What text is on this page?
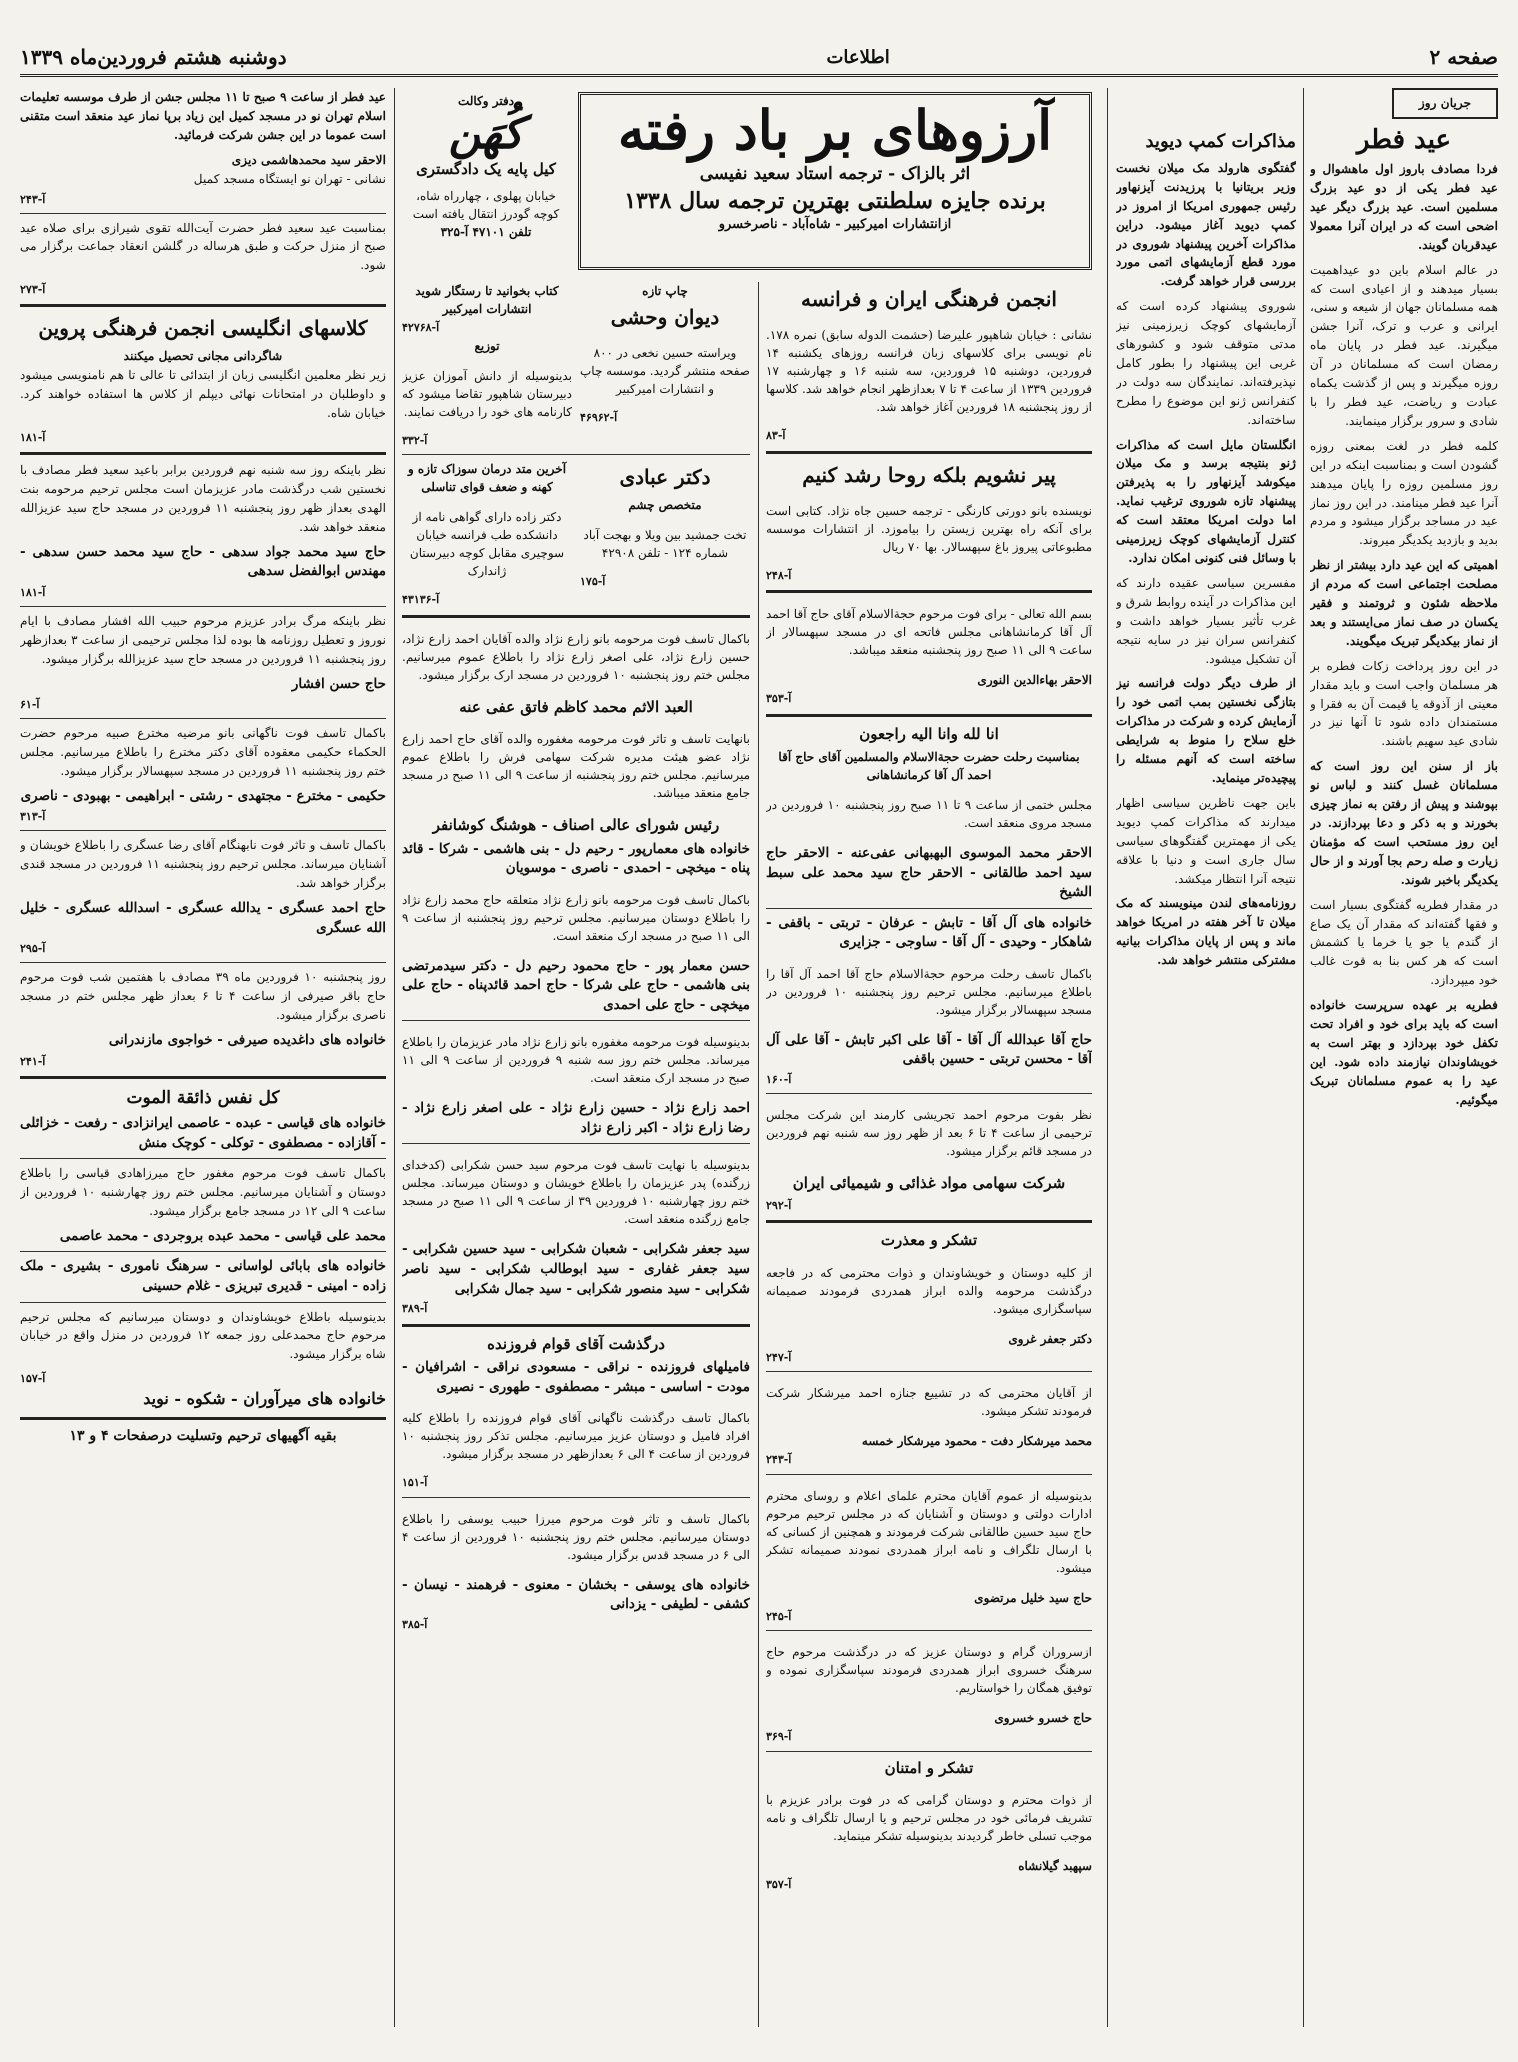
صفحه ۲
اطلاعات
دوشنبه هشتم فروردین‌ماه ۱۳۳۹
جریان روز
عید فطر

فردا مصادف باروز اول ماهشوال و عید فطر یکی از دو عید بزرگ مسلمین است. عید بزرگ دیگر عید اضحی است که در ایران آنرا معمولا عیدقربان گویند.

در عالم اسلام باین دو عیداهمیت بسیار میدهند و از اعیادی است که همه مسلمانان جهان از شیعه و سنی، ایرانی و عرب و ترک، آنرا جشن میگیرند. عید فطر در پایان ماه رمضان است که مسلمانان در آن روزه میگیرند و پس از گذشت یکماه عبادت و ریاضت، عید فطر را با شادی و سرور برگزار مینمایند.

کلمه فطر در لغت بمعنی روزه گشودن است و بمناسبت اینکه در این روز مسلمین روزه را پایان میدهند آنرا عید فطر مینامند. در این روز نماز عید در مساجد برگزار میشود و مردم بدید و بازدید یکدیگر میروند.

اهمیتی که این عید دارد بیشتر از نظر مصلحت اجتماعی است که مردم از ملاحظه شئون و ثروتمند و فقیر یکسان در صف نماز می‌ایستند و بعد از نماز بیکدیگر تبریک میگویند.

در این روز پرداخت زکات فطره بر هر مسلمان واجب است و باید مقدار معینی از آذوقه یا قیمت آن به فقرا و مستمندان داده شود تا آنها نیز در شادی عید سهیم باشند.

باز از سنن این روز است که مسلمانان غسل کنند و لباس نو بپوشند و پیش از رفتن به نماز چیزی بخورند و به ذکر و دعا بپردازند. در این روز مستحب است که مؤمنان زیارت و صله رحم بجا آورند و از حال یکدیگر باخبر شوند.

در مقدار فطریه گفتگوی بسیار است و فقها گفته‌اند که مقدار آن یک صاع از گندم یا جو یا خرما یا کشمش است که هر کس بنا به قوت غالب خود میپردازد.

فطریه بر عهده سرپرست خانواده است که باید برای خود و افراد تحت تکفل خود بپردازد و بهتر است به خویشاوندان نیازمند داده شود. این عید را به عموم مسلمانان تبریک میگوئیم.

مذاکرات کمپ دیوید

گفتگوی هارولد مک میلان نخست وزیر بریتانیا با پرزیدنت آیزنهاور رئیس جمهوری امریکا از امروز در کمپ دیوید آغاز میشود. دراین مذاکرات آخرین پیشنهاد شوروی در مورد قطع آزمایشهای اتمی مورد بررسی قرار خواهد گرفت.

شوروی پیشنهاد کرده است که آزمایشهای کوچک زیرزمینی نیز مدتی متوقف شود و کشورهای غربی این پیشنهاد را بطور کامل نپذیرفته‌اند. نمایندگان سه دولت در کنفرانس ژنو این موضوع را مطرح ساخته‌اند.

انگلستان مایل است که مذاکرات ژنو بنتیجه برسد و مک میلان میکوشد آیزنهاور را به پذیرفتن پیشنهاد تازه شوروی ترغیب نماید. اما دولت امریکا معتقد است که کنترل آزمایشهای کوچک زیرزمینی با وسائل فنی کنونی امکان ندارد.

مفسرین سیاسی عقیده دارند که این مذاکرات در آینده روابط شرق و غرب تأثیر بسیار خواهد داشت و کنفرانس سران نیز در سایه نتیجه آن تشکیل میشود.

از طرف دیگر دولت فرانسه نیز بتازگی نخستین بمب اتمی خود را آزمایش کرده و شرکت در مذاکرات خلع سلاح را منوط به شرایطی ساخته است که آنهم مسئله را پیچیده‌تر مینماید.

باین جهت ناظرین سیاسی اظهار میدارند که مذاکرات کمپ دیوید یکی از مهمترین گفتگوهای سیاسی سال جاری است و دنیا با علاقه نتیجه آنرا انتظار میکشد.

روزنامه‌های لندن مینویسند که مک میلان تا آخر هفته در امریکا خواهد ماند و پس از پایان مذاکرات بیانیه مشترکی منتشر خواهد شد.

آرزوهای بر باد رفته
اثر بالزاک - ترجمه استاد سعید نفیسی
برنده جایزه سلطنتی بهترین ترجمه سال ۱۳۳۸
ازانتشارات امیرکبیر - شاه‌آباد - ناصرخسرو
دفتر وکالت
کُهَن
کیل پایه یک دادگستری
خیابان پهلوی ، چهارراه شاه، کوچه گودرز انتقال یافته است
تلفن ۴۷۱۰۱ آ-۳۲۵
انجمن فرهنگی ایران و فرانسه

نشانی : خیابان شاهپور علیرضا (حشمت الدوله سابق) نمره ۱۷۸. نام نویسی برای کلاسهای زبان فرانسه روزهای یکشنبه ۱۴ فروردین، دوشنبه ۱۵ فروردین، سه شنبه ۱۶ و چهارشنبه ۱۷ فروردین ۱۳۳۹ از ساعت ۴ تا ۷ بعدازظهر انجام خواهد شد. کلاسها از روز پنجشنبه ۱۸ فروردین آغاز خواهد شد.

آ-۸۳
پیر نشویم بلکه روحا رشد کنیم

نویسنده بانو دورتی کارنگی - ترجمه حسین جاه نژاد. کتابی است برای آنکه راه بهترین زیستن را بیاموزد. از انتشارات موسسه مطبوعاتی پیروز باغ سپهسالار. بها ۷۰ ریال

آ-۲۴۸

بسم الله تعالی - برای فوت مرحوم حجةالاسلام آقای حاج آقا احمد آل آقا کرمانشاهانی مجلس فاتحه ای در مسجد سپهسالار از ساعت ۹ الی ۱۱ صبح روز پنجشنبه منعقد میباشد.

الاحقر بهاءالدین النوری
آ-۳۵۳
انا لله وانا الیه راجعون
بمناسبت رحلت حضرت حجةالاسلام والمسلمین آقای حاج آقا احمد آل آقا کرمانشاهانی

مجلس ختمی از ساعت ۹ تا ۱۱ صبح روز پنجشنبه ۱۰ فروردین در مسجد مروی منعقد است.

الاحقر محمد الموسوی البهبهانی عفی‌عنه - الاحقر حاج سید احمد طالقانی - الاحقر حاج سید محمد علی سبط الشیخ
خانواده های آل آقا - تابش - عرفان - تربتی - باقفی - شاهکار - وحیدی - آل آقا - ساوجی - جزایری

باکمال تاسف رحلت مرحوم حجةالاسلام حاج آقا احمد آل آقا را باطلاع میرسانیم. مجلس ترحیم روز پنجشنبه ۱۰ فروردین در مسجد سپهسالار برگزار میشود.

حاج آقا عبدالله آل آقا - آقا علی اکبر تابش - آقا علی آل آقا - محسن تربتی - حسین باقفی
آ-۱۶۰

نظر بفوت مرحوم احمد تجریشی کارمند این شرکت مجلس ترحیمی از ساعت ۴ تا ۶ بعد از ظهر روز سه شنبه نهم فروردین در مسجد قائم برگزار میشود.

شرکت سهامی مواد غذائی و شیمیائی ایران
آ-۲۹۲
تشکر و معذرت

از کلیه دوستان و خویشاوندان و ذوات محترمی که در فاجعه درگذشت مرحومه والده ابراز همدردی فرمودند صمیمانه سپاسگزاری میشود.

دکتر جعفر غروی
آ-۲۴۷

از آقایان محترمی که در تشییع جنازه احمد میرشکار شرکت فرمودند تشکر میشود.

محمد میرشکار دفت - محمود میرشکار خمسه
آ-۲۴۳

بدینوسیله از عموم آقایان محترم علمای اعلام و روسای محترم ادارات دولتی و دوستان و آشنایان که در مجلس ترحیم مرحوم حاج سید حسین طالقانی شرکت فرمودند و همچنین از کسانی که با ارسال تلگراف و نامه ابراز همدردی نمودند صمیمانه تشکر میشود.

حاج سید خلیل مرتضوی
آ-۲۴۵

ازسروران گرام و دوستان عزیز که در درگذشت مرحوم حاج سرهنگ خسروی ابراز همدردی فرمودند سپاسگزاری نموده و توفیق همگان را خواستاریم.

حاج خسرو خسروی
آ-۳۶۹
تشکر و امتنان

از ذوات محترم و دوستان گرامی که در فوت برادر عزیزم با تشریف فرمائی خود در مجلس ترحیم و یا ارسال تلگراف و نامه موجب تسلی خاطر گردیدند بدینوسیله تشکر مینماید.

سپهبد گیلانشاه
آ-۳۵۷
چاپ تازه
دیوان وحشی

ویراسته حسین نخعی در ۸۰۰ صفحه منتشر گردید. موسسه چاپ و انتشارات امیرکبیر

آ-۴۶۹۶۲
کتاب بخوانید تا رستگار شوید
انتشارات امیرکبیر
آ-۴۲۷۶۸
توزیع

بدینوسیله از دانش آموزان عزیز دبیرستان شاهپور تقاضا میشود که کارنامه های خود را دریافت نمایند.

آ-۳۳۲
دکتر عبادی
متخصص چشم

تخت جمشید بین ویلا و بهجت آباد شماره ۱۲۴ - تلفن ۴۲۹۰۸

آ-۱۷۵
آخرین متد درمان سوزاک تازه و کهنه و ضعف قوای تناسلی

دکتر زاده دارای گواهی نامه از دانشکده طب فرانسه خیابان سوچیری مقابل کوچه دبیرستان ژاندارک

آ-۴۳۱۳۶

باکمال تاسف فوت مرحومه بانو زارع نژاد والده آقایان احمد زارع نژاد، حسین زارع نژاد، علی اصغر زارع نژاد را باطلاع عموم میرسانیم. مجلس ختم روز پنجشنبه ۱۰ فروردین در مسجد ارک برگزار میشود.

العبد الاثم محمد کاظم فاتق عفی عنه

بانهایت تاسف و تاثر فوت مرحومه مغفوره والده آقای حاج احمد زارع نژاد عضو هیئت مدیره شرکت سهامی فرش را باطلاع عموم میرسانیم. مجلس ختم روز پنجشنبه از ساعت ۹ الی ۱۱ صبح در مسجد جامع منعقد میباشد.

رئیس شورای عالی اصناف - هوشنگ کوشانفر
خانواده های معمارپور - رحیم دل - بنی هاشمی - شرکا - قائد پناه - میخچی - احمدی - ناصری - موسویان

باکمال تاسف فوت مرحومه بانو زارع نژاد متعلقه حاج محمد زارع نژاد را باطلاع دوستان میرسانیم. مجلس ترحیم روز پنجشنبه از ساعت ۹ الی ۱۱ صبح در مسجد ارک منعقد است.

حسن معمار پور - حاج محمود رحیم دل - دکتر سیدمرتضی بنی هاشمی - حاج علی شرکا - حاج احمد قائدپناه - حاج علی میخچی - حاج علی احمدی

بدینوسیله فوت مرحومه مغفوره بانو زارع نژاد مادر عزیزمان را باطلاع میرساند. مجلس ختم روز سه شنبه ۹ فروردین از ساعت ۹ الی ۱۱ صبح در مسجد ارک منعقد است.

احمد زارع نژاد - حسین زارع نژاد - علی اصغر زارع نژاد - رضا زارع نژاد - اکبر زارع نژاد

بدینوسیله با نهایت تاسف فوت مرحوم سید حسن شکرابی (کدخدای زرگنده) پدر عزیزمان را باطلاع خویشان و دوستان میرساند. مجلس ختم روز چهارشنبه ۱۰ فروردین ۳۹ از ساعت ۹ الی ۱۱ صبح در مسجد جامع زرگنده منعقد است.

سید جعفر شکرابی - شعبان شکرابی - سید حسین شکرابی - سید جعفر غفاری - سید ابوطالب شکرابی - سید ناصر شکرابی - سید منصور شکرابی - سید جمال شکرابی
آ-۳۸۹
درگذشت آقای قوام فروزنده
فامیلهای فروزنده - نراقی - مسعودی نراقی - اشرافیان - مودت - اساسی - مبشر - مصطفوی - طهوری - نصیری

باکمال تاسف درگذشت ناگهانی آقای قوام فروزنده را باطلاع کلیه افراد فامیل و دوستان عزیز میرسانیم. مجلس تذکر روز پنجشنبه ۱۰ فروردین از ساعت ۴ الی ۶ بعدازظهر در مسجد برگزار میشود.

آ-۱۵۱

باکمال تاسف و تاثر فوت مرحوم میرزا حبیب یوسفی را باطلاع دوستان میرسانیم. مجلس ختم روز پنجشنبه ۱۰ فروردین از ساعت ۴ الی ۶ در مسجد قدس برگزار میشود.

خانواده های یوسفی - بخشان - معنوی - فرهمند - نیسان - کشفی - لطیفی - یزدانی
آ-۳۸۵

عید فطر از ساعت ۹ صبح تا ۱۱ مجلس جشن از طرف موسسه تعلیمات اسلام تهران نو در مسجد کمیل این زیاد برپا نماز عید منعقد است متقنی است عموما در این جشن شرکت فرمائید.

الاحقر سید محمدهاشمی دیزی
نشانی - تهران نو ایستگاه مسجد کمیل
آ-۲۴۳

بمناسبت عید سعید فطر حضرت آیت‌الله تقوی شیرازی برای صلاه عید صبح از منزل حرکت و طبق هرساله در گلشن انعقاد جماعت برگزار می شود.

آ-۲۷۳
کلاسهای انگلیسی انجمن فرهنگی پروین
شاگردانی مجانی تحصیل میکنند

زیر نظر معلمین انگلیسی زبان از ابتدائی تا عالی تا هم نامنویسی میشود و داوطلبان در امتحانات نهائی دیپلم از کلاس ها استفاده خواهند کرد. خیابان شاه.

آ-۱۸۱

نظر باینکه روز سه شنبه نهم فروردین برابر باعید سعید فطر مصادف با نخستین شب درگذشت مادر عزیزمان است مجلس ترحیم مرحومه بنت الهدی بعداز ظهر روز پنجشنبه ۱۱ فروردین در مسجد حاج سید عزیزالله منعقد خواهد شد.

حاج سید محمد جواد سدهی - حاج سید محمد حسن سدهی - مهندس ابوالفضل سدهی
آ-۱۸۱

نظر باینکه مرگ برادر عزیزم مرحوم حبیب الله افشار مصادف با ایام نوروز و تعطیل روزنامه ها بوده لذا مجلس ترحیمی از ساعت ۳ بعدازظهر روز پنجشنبه ۱۱ فروردین در مسجد حاج سید عزیزالله برگزار میشود.

حاج حسن افشار
آ-۶۱

باکمال تاسف فوت ناگهانی بانو مرضیه مخترع صبیه مرحوم حضرت الحکماء حکیمی معقوده آقای دکتر مخترع را باطلاع میرسانیم. مجلس ختم روز پنجشنبه ۱۱ فروردین در مسجد سپهسالار برگزار میشود.

حکیمی - مخترع - مجتهدی - رشتی - ابراهیمی - بهبودی - ناصری
آ-۳۱۳

باکمال تاسف و تاثر فوت نابهنگام آقای رضا عسگری را باطلاع خویشان و آشنایان میرساند. مجلس ترحیم روز پنجشنبه ۱۱ فروردین در مسجد قندی برگزار خواهد شد.

حاج احمد عسگری - یدالله عسگری - اسدالله عسگری - خلیل الله عسگری
آ-۲۹۵

روز پنجشنبه ۱۰ فروردین ماه ۳۹ مصادف با هفتمین شب فوت مرحوم حاج باقر صیرفی از ساعت ۴ تا ۶ بعداز ظهر مجلس ختم در مسجد ناصری برگزار میشود.

خانواده های داغدیده صیرفی - خواجوی مازندرانی
آ-۲۴۱
کل نفس ذائقة الموت
خانواده های قیاسی - عبده - عاصمی ایرانزادی - رفعت - خزائلی - آقازاده - مصطفوی - توکلی - کوچک منش

باکمال تاسف فوت مرحوم مغفور حاج میرزاهادی قیاسی را باطلاع دوستان و آشنایان میرسانیم. مجلس ختم روز چهارشنبه ۱۰ فروردین از ساعت ۹ الی ۱۲ در مسجد جامع برگزار میشود.

محمد علی قیاسی - محمد عبده بروجردی - محمد عاصمی
خانواده های بابائی لواسانی - سرهنگ ناموری - بشیری - ملک زاده - امینی - قدیری تبریزی - غلام حسینی

بدینوسیله باطلاع خویشاوندان و دوستان میرسانیم که مجلس ترحیم مرحوم حاج محمدعلی روز جمعه ۱۲ فروردین در منزل واقع در خیابان شاه برگزار میشود.

آ-۱۵۷
خانواده های میرآوران - شکوه - نوید
بقیه آگهیهای ترحیم وتسلیت درصفحات ۴ و ۱۳
